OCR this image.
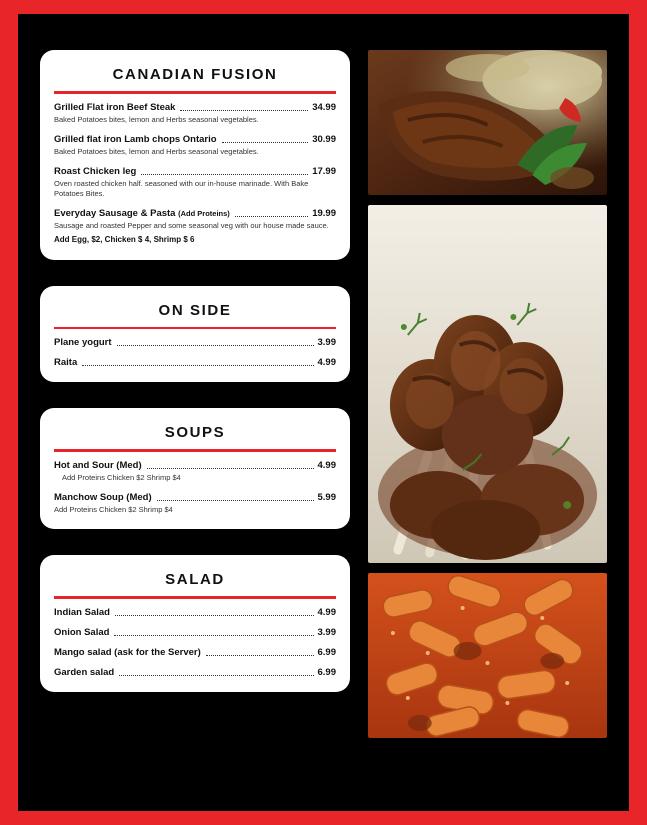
CANADIAN FUSION
Grilled Flat iron Beef Steak	34.99
Baked Potatoes bites, lemon and Herbs seasonal vegetables.
Grilled flat iron Lamb chops Ontario	30.99
Baked Potatoes bites, lemon and Herbs seasonal vegetables.
Roast Chicken leg	17.99
Oven roasted chicken half. seasoned with our in-house marinade. With Bake Potatoes Bites.
Everyday Sausage & Pasta (Add Proteins)	19.99
Sausage and roasted Pepper and some seasonal veg with our house made sauce.
Add Egg, $2, Chicken $ 4, Shrimp $ 6
ON SIDE
Plane yogurt	3.99
Raita	4.99
SOUPS
Hot and Sour (Med)	4.99
Add Proteins Chicken $2 Shrimp $4
Manchow Soup (Med)	5.99
Add Proteins Chicken $2 Shrimp $4
SALAD
Indian Salad	4.99
Onion Salad	3.99
Mango salad (ask for the Server)	6.99
Garden salad	6.99
